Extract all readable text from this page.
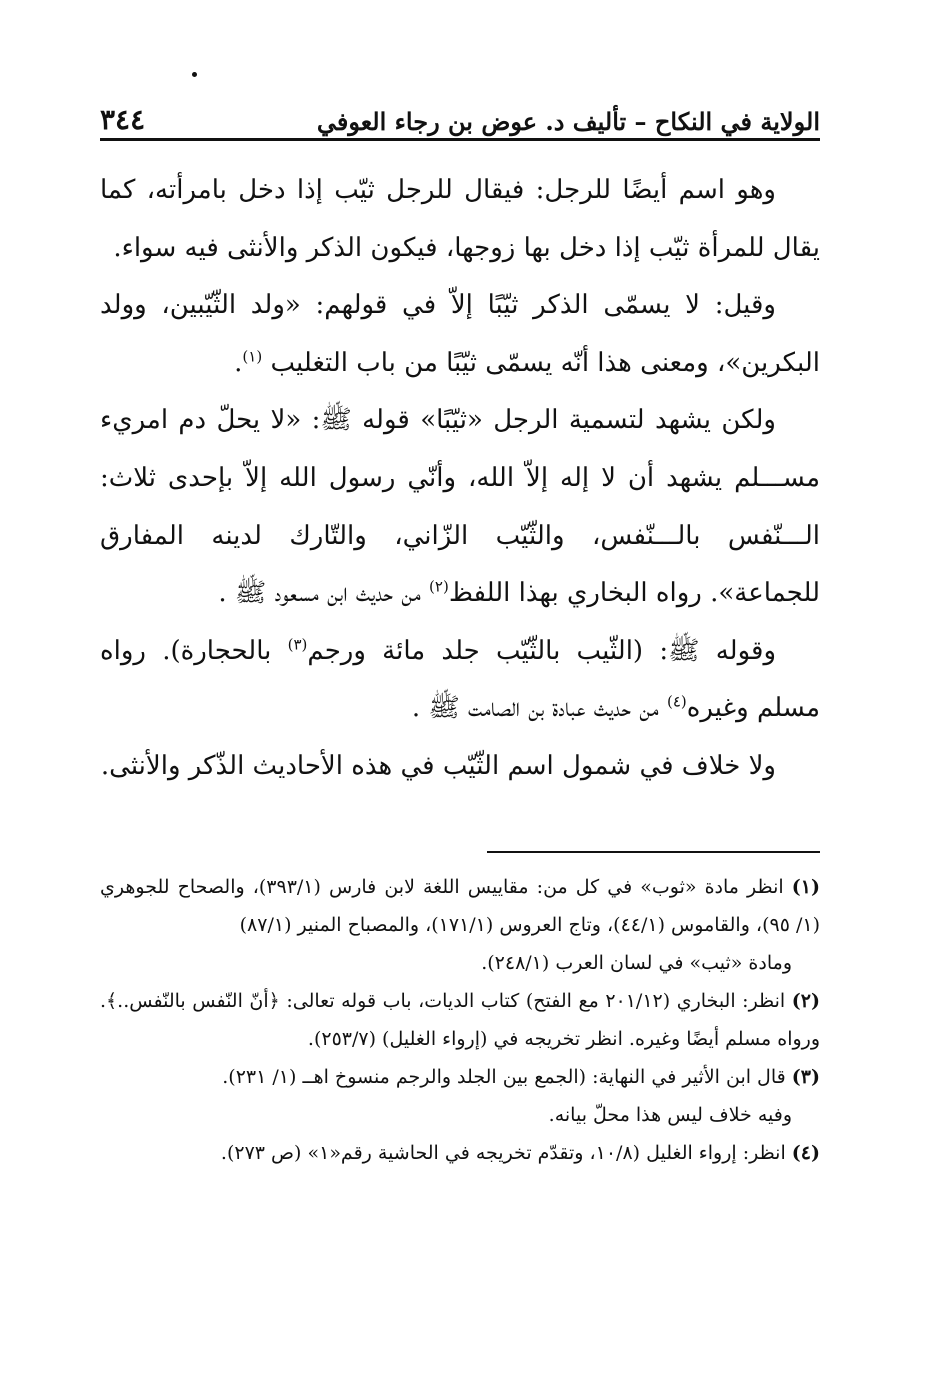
الولاية في النكاح – تأليف د. عوض بن رجاء العوفي
٣٤٤

وهو اسم أيضًا للرجل: فيقال للرجل ثيّب إذا دخل بامرأته، كما يقال للمرأة ثيّب إذا دخل بها زوجها، فيكون الذكر والأنثى فيه سواء.

وقيل: لا يسمّى الذكر ثيّبًا إلاّ في قولهم: «ولد الثّيّبين، وولد البكرين»، ومعنى هذا أنّه يسمّى ثيّبًا من باب التغليب $^{(١)}$.

ولكن يشهد لتسمية الرجل «ثيّبًا» قوله ﷺ: «لا يحلّ دم امريء مســـلم يشهد أن لا إله إلاّ الله، وأنّي رسول الله إلاّ بإحدى ثلاث: الـــنّفس بالـــنّفس، والثّيّب الزّاني، والتّارك لدينه المفارق للجماعة». رواه البخاري بهذا اللفظ$^{(٢)}$ من حديث ابن مسعود ﷺ .

وقوله ﷺ: (الثّيب بالثّيّب جلد مائة ورجم$^{(٣)}$ بالحجارة). رواه مسلم وغيره$^{(٤)}$ من حديث عبادة بن الصامت ﷺ .

ولا خلاف في شمول اسم الثّيّب في هذه الأحاديث الذّكر والأنثى.

(١) انظر مادة «ثوب» في كل من: مقاييس اللغة لابن فارس (٣٩٣/١)، والصحاح للجوهري (١/ ٩٥)، والقاموس (٤٤/١)، وتاج العروس (١٧١/١)، والمصباح المنير (٨٧/١)

ومادة «ثيب» في لسان العرب (٢٤٨/١).

(٢) انظر: البخاري (٢٠١/١٢ مع الفتح) كتاب الديات، باب قوله تعالى: ﴿أنّ النّفس بالنّفس..﴾. ورواه مسلم أيضًا وغيره. انظر تخريجه في (إرواء الغليل) (٢٥٣/٧).

(٣) قال ابن الأثير في النهاية: (الجمع بين الجلد والرجم منسوخ اهــ (١/ ٢٣١).

وفيه خلاف ليس هذا محلّ بيانه.

(٤) انظر: إرواء الغليل (١٠/٨، وتقدّم تخريجه في الحاشية رقم«١» (ص ٢٧٣).
